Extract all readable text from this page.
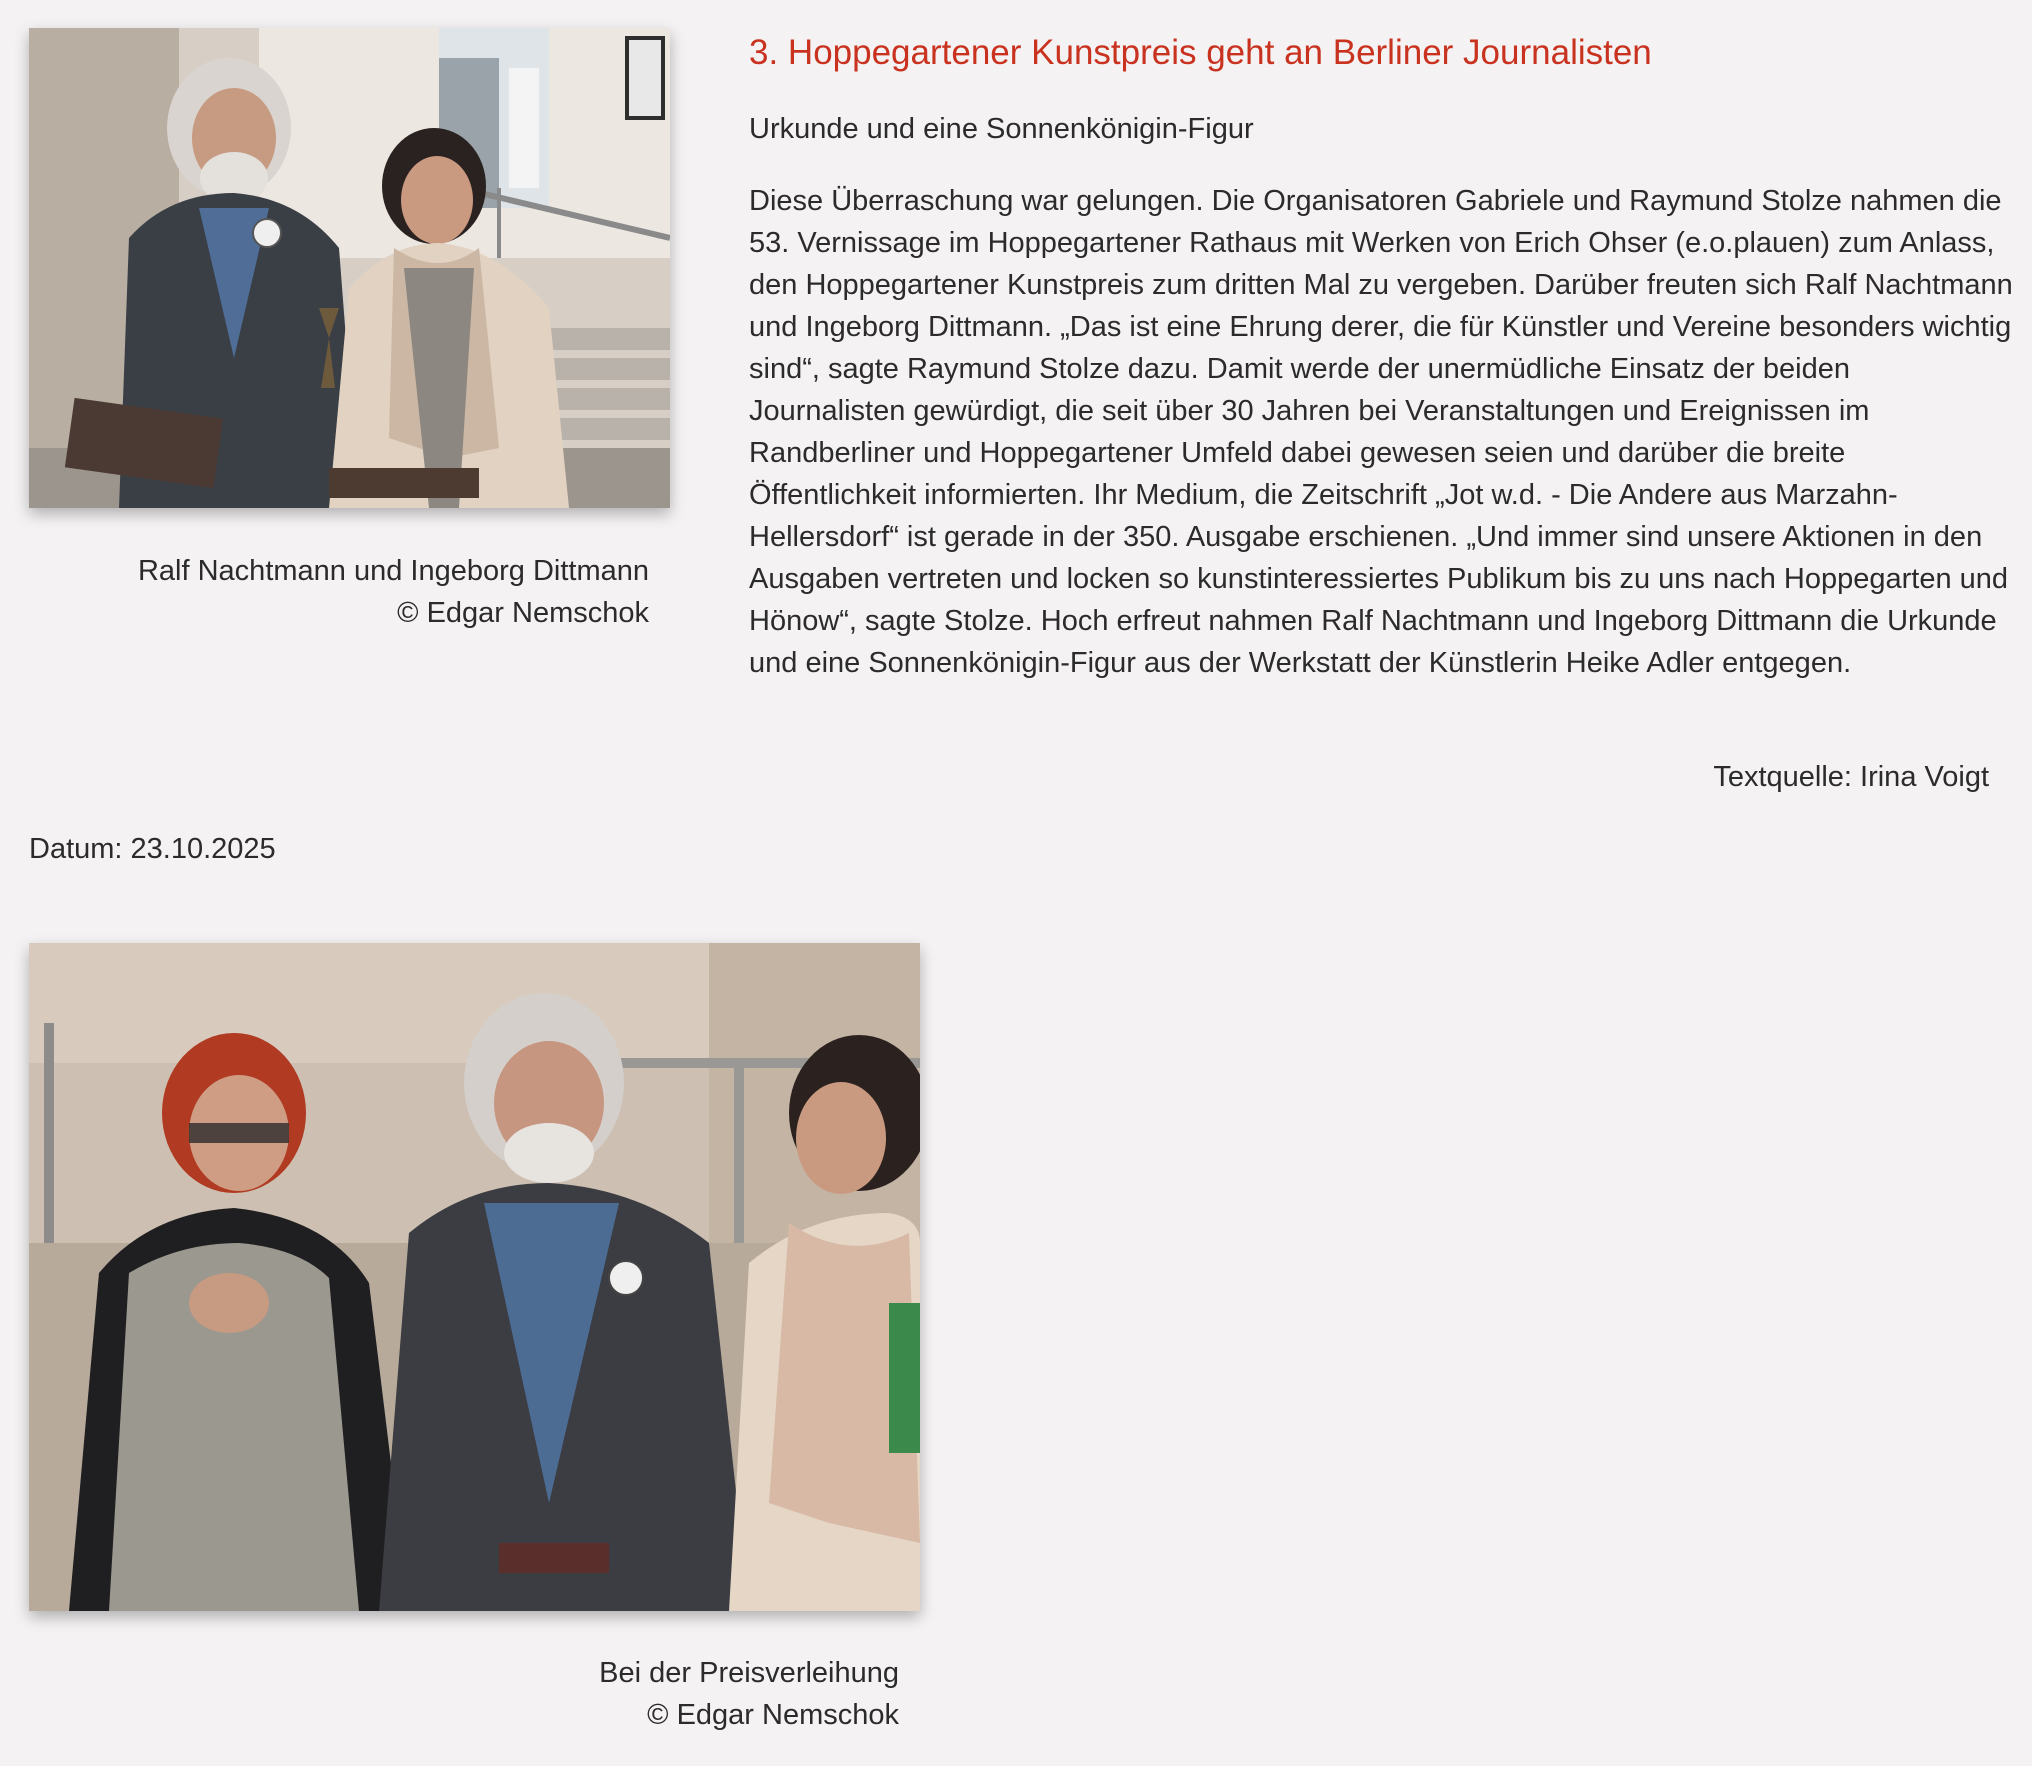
Ralf Nachtmann und Ingeborg Dittmann
© Edgar Nemschok
3. Hoppegartener Kunstpreis geht an Berliner Journalisten

Urkunde und eine Sonnenkönigin-Figur

Diese Überraschung war gelungen. Die Organisatoren Gabriele und Raymund Stolze nahmen die 53. Vernissage im Hoppegartener Rathaus mit Werken von Erich Ohser (e.o.plauen) zum Anlass, den Hoppegartener Kunstpreis zum dritten Mal zu vergeben. Darüber freuten sich Ralf Nachtmann und Ingeborg Dittmann. „Das ist eine Ehrung derer, die für Künstler und Vereine besonders wichtig sind“, sagte Raymund Stolze dazu. Damit werde der unermüdliche Einsatz der beiden Journalisten gewürdigt, die seit über 30 Jahren bei Veranstaltungen und Ereignissen im Randberliner und Hoppegartener Umfeld dabei gewesen seien und darüber die breite Öffentlichkeit informierten. Ihr Medium, die Zeitschrift „Jot w.d. - Die Andere aus Marzahn-Hellersdorf“ ist gerade in der 350. Ausgabe erschienen. „Und immer sind unsere Aktionen in den Ausgaben vertreten und locken so kunstinteressiertes Publikum bis zu uns nach Hoppegarten und Hönow“, sagte Stolze. Hoch erfreut nahmen Ralf Nachtmann und Ingeborg Dittmann die Urkunde und eine Sonnenkönigin-Figur aus der Werkstatt der Künstlerin Heike Adler entgegen.

Textquelle: Irina Voigt
Datum: 23.10.2025
Bei der Preisverleihung
© Edgar Nemschok
